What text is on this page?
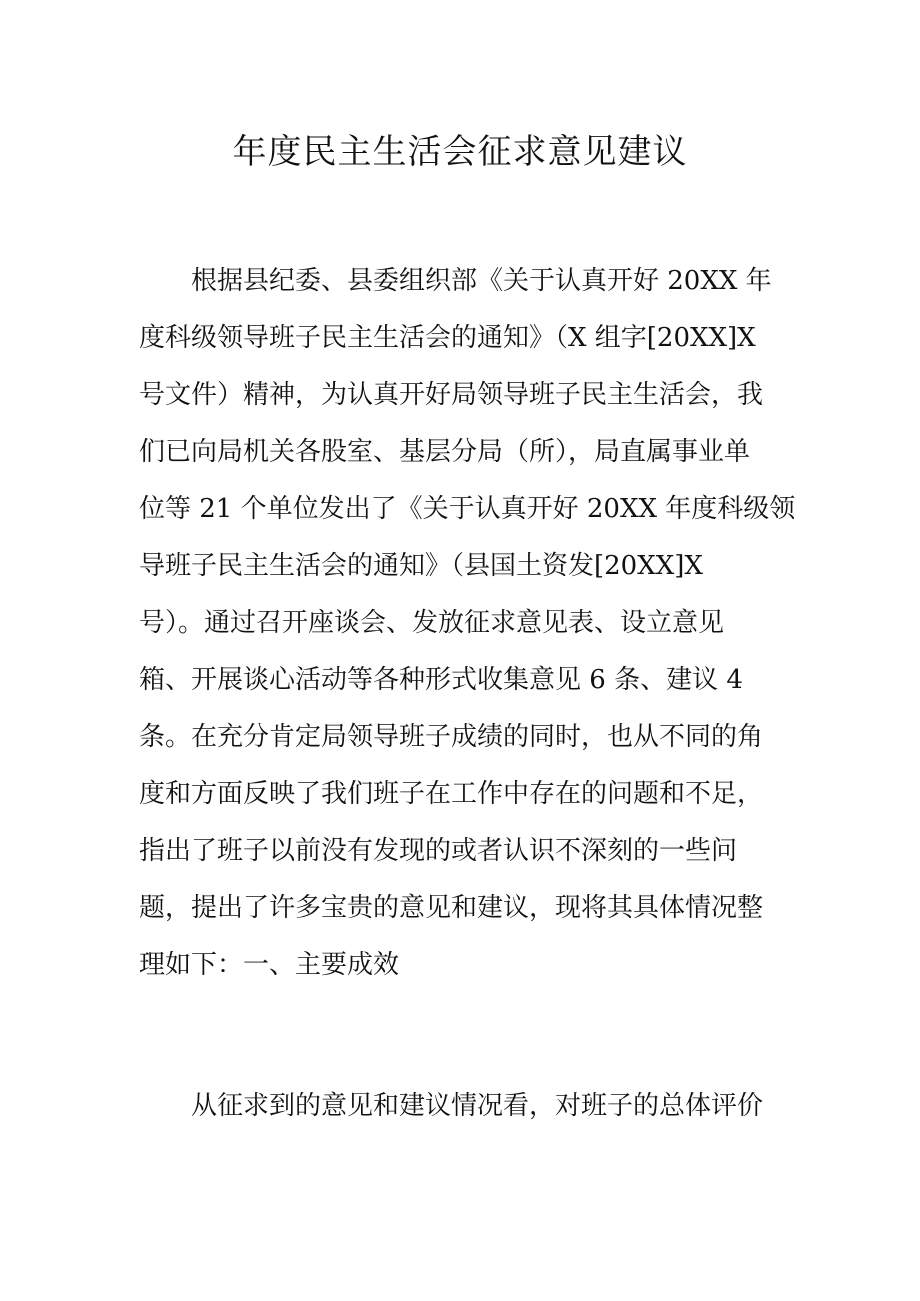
年度民主生活会征求意见建议

根据县纪委、县委组织部《关于认真开好 20XX 年

度科级领导班子民主生活会的通知》（X 组字[20XX]X

号文件）精神，为认真开好局领导班子民主生活会，我

们已向局机关各股室、基层分局（所），局直属事业单

位等 21 个单位发出了《关于认真开好 20XX 年度科级领

导班子民主生活会的通知》（县国土资发[20XX]X

号）。通过召开座谈会、发放征求意见表、设立意见

箱、开展谈心活动等各种形式收集意见 6 条、建议 4

条。在充分肯定局领导班子成绩的同时，也从不同的角

度和方面反映了我们班子在工作中存在的问题和不足，

指出了班子以前没有发现的或者认识不深刻的一些问

题，提出了许多宝贵的意见和建议，现将其具体情况整

理如下：一、主要成效

从征求到的意见和建议情况看，对班子的总体评价
